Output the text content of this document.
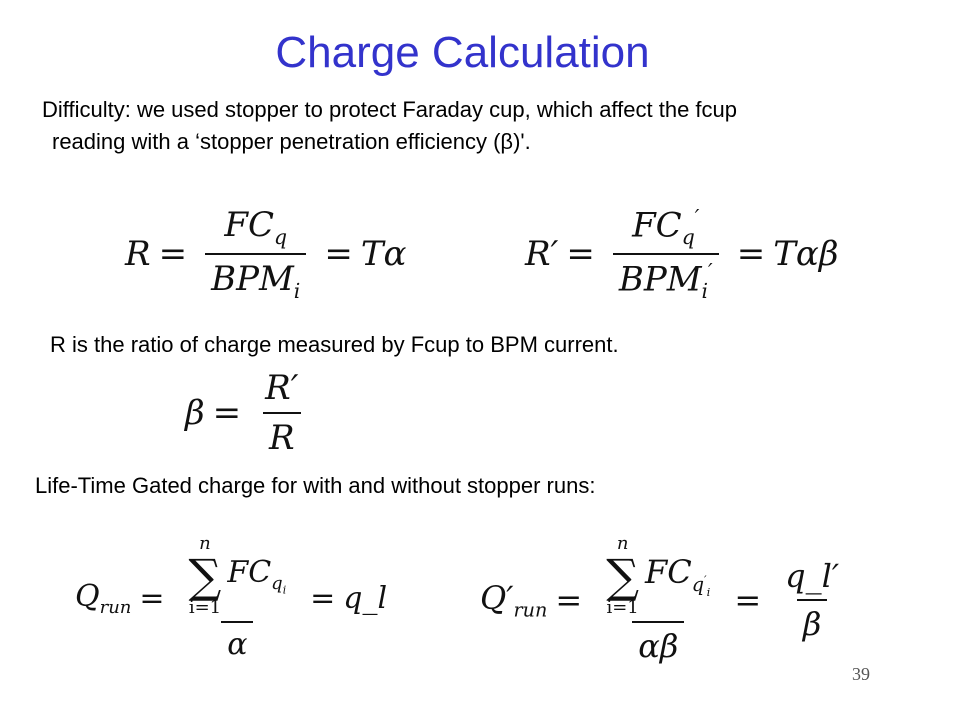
Charge Calculation
Difficulty: we used stopper to protect Faraday cup, which affect the fcup
reading with a ‘stopper penetration efficiency (β)'.
$R = \frac{FC_q}{BPM_i} = T\alpha$	$R' = \frac{FC_q'}{BPM_i'} = T\alpha\beta$
R is the ratio of charge measured by Fcup to BPM current.
$\beta = \frac{R'}{R}$
Life-Time Gated charge for with and without stopper runs:
$Q_{run} = n$
∑
i=1
$FC_{q_i}$
α = q_l	$Q'_{run} = n$
∑
i=1
$FC_{q'_i}$
$\alpha\beta = \frac{q\_l'}{\beta}$
39
